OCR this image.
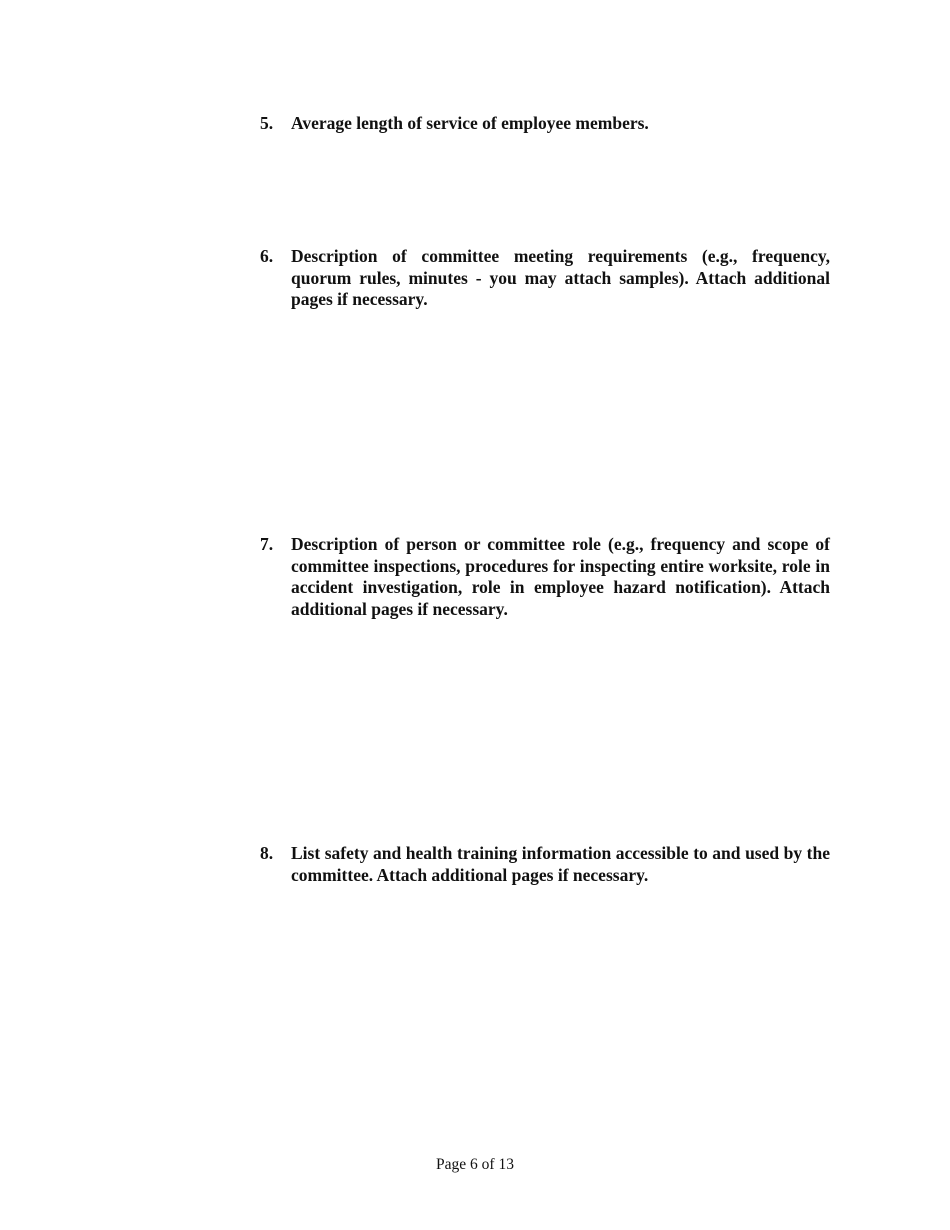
5.	Average length of service of employee members.
6.	Description of committee meeting requirements (e.g., frequency, quorum rules, minutes - you may attach samples). Attach additional pages if necessary.
7.	Description of person or committee role (e.g., frequency and scope of committee inspections, procedures for inspecting entire worksite, role in accident investigation, role in employee hazard notification). Attach additional pages if necessary.
8.	List safety and health training information accessible to and used by the committee. Attach additional pages if necessary.
Page 6 of 13
